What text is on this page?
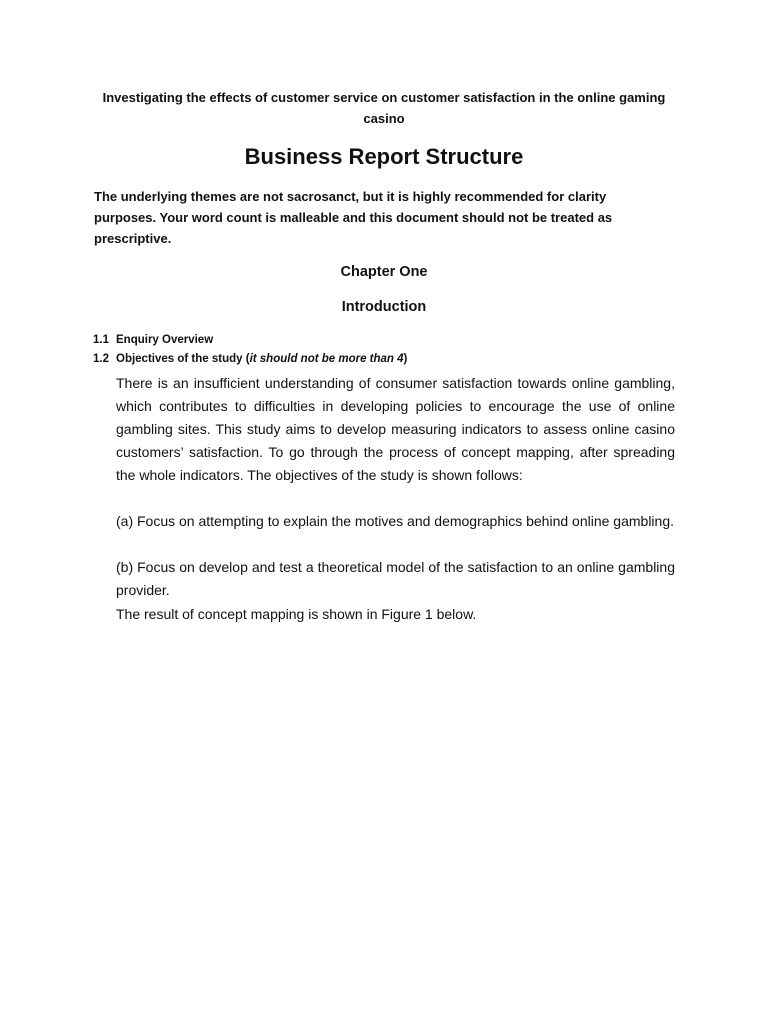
Investigating the effects of customer service on customer satisfaction in the online gaming casino
Business Report Structure
The underlying themes are not sacrosanct, but it is highly recommended for clarity purposes. Your word count is malleable and this document should not be treated as prescriptive.
Chapter One
Introduction
1.1 Enquiry Overview
1.2 Objectives of the study (it should not be more than 4)
There is an insufficient understanding of consumer satisfaction towards online gambling, which contributes to difficulties in developing policies to encourage the use of online gambling sites. This study aims to develop measuring indicators to assess online casino customers’ satisfaction. To go through the process of concept mapping, after spreading the whole indicators. The objectives of the study is shown follows:
(a) Focus on attempting to explain the motives and demographics behind online gambling.
(b) Focus on develop and test a theoretical model of the satisfaction to an online gambling provider.
The result of concept mapping is shown in Figure 1 below.
